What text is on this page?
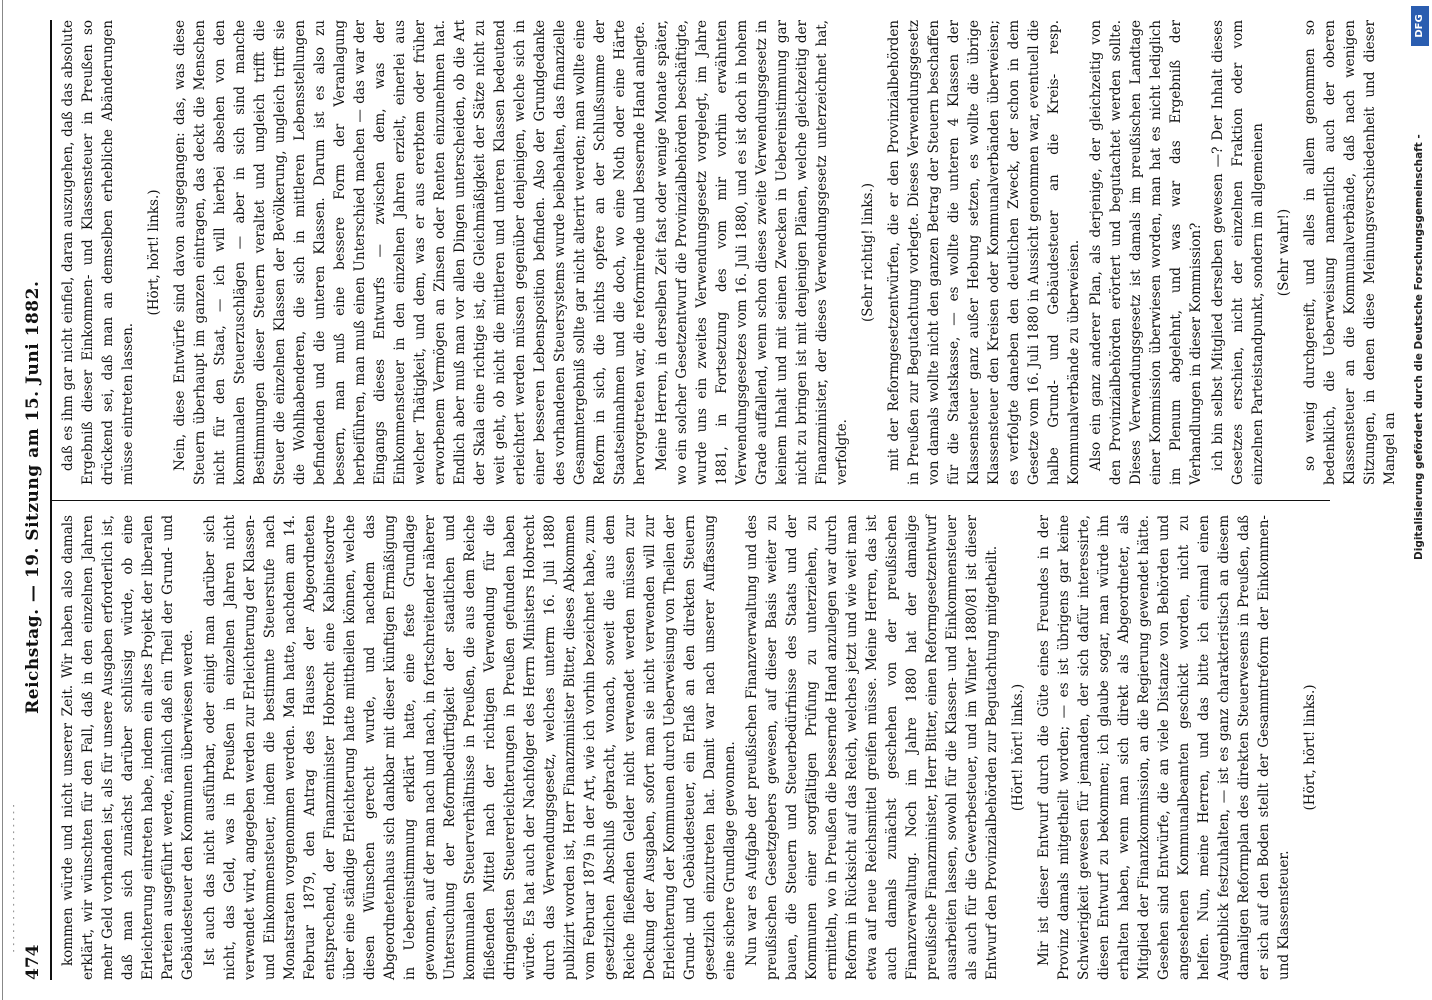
- - - - - - - - - - - - - - - - - - - - - - -
474
Reichstag. — 19. Sitzung am 15. Juni 1882.

kommen würde und nicht unserer Zeit. Wir haben also damals erklärt, wir wünschten für den Fall, daß in den einzelnen Jahren mehr Geld vorhanden ist, als für unsere Ausgaben erforderlich ist, daß man sich zunächst darüber schlüssig würde, ob eine Erleichterung eintreten habe, indem ein altes Projekt der liberalen Parteien ausgeführt werde, nämlich daß ein Theil der Grund- und Gebäudesteuer den Kommunen überwiesen werde. Ist auch das nicht ausführbar, oder einigt man darüber sich nicht, das Geld, was in Preußen in einzelnen Jahren nicht verwendet wird, angegeben werden zur Erleichterung der Klassen- und Einkommensteuer, indem die bestimmte Steuerstufe nach Monatsraten vorgenommen werden. Man hatte, nachdem am 14. Februar 1879, den Antrag des Hauses der Abgeordneten entsprechend, der Finanzminister Hobrecht eine Kabinetsordre über eine ständige Erleichterung hatte mittheilen können, welche diesen Wünschen gerecht wurde, und nachdem das Abgeordnetenhaus sich dankbar mit dieser künftigen Ermäßigung in Uebereinstimmung erklärt hatte, eine feste Grundlage gewonnen, auf der man nach und nach, in fortschreitender näherer Untersuchung der Reformbedürftigkeit der staatlichen und kommunalen Steuerverhältnisse in Preußen, die aus dem Reiche fließenden Mittel nach der richtigen Verwendung für die dringendsten Steuererleichterungen in Preußen gefunden haben würde. Es hat auch der Nachfolger des Herrn Ministers Hobrecht durch das Verwendungsgesetz, welches unterm 16. Juli 1880 publizirt worden ist, Herr Finanzminister Bitter, dieses Abkommen vom Februar 1879 in der Art, wie ich vorhin bezeichnet habe, zum gesetzlichen Abschluß gebracht, wonach, soweit die aus dem Reiche fließenden Gelder nicht verwendet werden müssen zur Deckung der Ausgaben, sofort man sie nicht verwenden will zur Erleichterung der Kommunen durch Ueberweisung von Theilen der Grund- und Gebäudesteuer, ein Erlaß an den direkten Steuern gesetzlich einzutreten hat. Damit war nach unserer Auffassung eine sichere Grundlage gewonnen. Nun war es Aufgabe der preußischen Finanzverwaltung und des preußischen Gesetzgebers gewesen, auf dieser Basis weiter zu bauen, die Steuern und Steuerbedürfnisse des Staats und der Kommunen einer sorgfältigen Prüfung zu unterziehen, zu ermitteln, wo in Preußen die bessernde Hand anzulegen war durch Reform in Rücksicht auf das Reich, welches jetzt und wie weit man etwa auf neue Reichsmittel greifen müsse. Meine Herren, das ist auch damals zunächst geschehen von der preußischen Finanzverwaltung. Noch im Jahre 1880 hat der damalige preußische Finanzminister, Herr Bitter, einen Reformgesetzentwurf ausarbeiten lassen, sowohl für die Klassen- und Einkommensteuer als auch für die Gewerbesteuer, und im Winter 1880/81 ist dieser Entwurf den Provinzialbehörden zur Begutachtung mitgetheilt. (Hört! hört! links.) Mir ist dieser Entwurf durch die Güte eines Freundes in der Provinz damals mitgetheilt worden; — es ist übrigens gar keine Schwierigkeit gewesen für jemanden, der sich dafür interessirte, diesen Entwurf zu bekommen; ich glaube sogar, man würde ihn erhalten haben, wenn man sich direkt als Abgeordneter, als Mitglied der Finanzkommission, an die Regierung gewendet hätte. Gesehen sind Entwürfe, die an viele Distanze von Behörden und angesehenen Kommunalbeamten geschickt worden, nicht zu helfen. Nun, meine Herren, und das bitte ich einmal einen Augenblick festzuhalten, — ist es ganz charakteristisch an diesem damaligen Reformplan des direkten Steuerwesens in Preußen, daß er sich auf den Boden stellt der Gesammtreform der Einkommen- und Klassensteuer.

(Hört, hört! links.)

daß es ihm gar nicht einfiel, daran auszugehen, daß das absolute Ergebniß dieser Einkommen- und Klassensteuer in Preußen so drückend sei, daß man an demselben erhebliche Abänderungen müsse eintreten lassen.

(Hört, hört! links.) Nein, diese Entwürfe sind davon ausgegangen: das, was diese Steuern überhaupt im ganzen eintragen, das deckt die Menschen nicht für den Staat, — ich will hierbei absehen von den kommunalen Steuerzuschlägen — aber in sich sind manche Bestimmungen dieser Steuern veraltet und ungleich trifft die Steuer die einzelnen Klassen der Bevölkerung, ungleich trifft sie die Wohlhabenderen, die sich in mittleren Lebensstellungen befindenden und die unteren Klassen. Darum ist es also zu bessern, man muß eine bessere Form der Veranlagung herbeiführen, man muß einen Unterschied machen — das war der Eingangs dieses Entwurfs — zwischen dem, was der Einkommensteuer in den einzelnen Jahren erzielt, einerlei aus welcher Thätigkeit, und dem, was er aus ererbtem oder früher erworbenem Vermögen an Zinsen oder Renten einzunehmen hat. Endlich aber muß man vor allen Dingen unterscheiden, ob die Art der Skala eine richtige ist, die Gleichmäßigkeit der Sätze nicht zu weit geht, ob nicht die mittleren und unteren Klassen bedeutend erleichtert werden müssen gegenüber denjenigen, welche sich in einer besseren Lebensposition befinden. Also der Grundgedanke des vorhandenen Steuersystems wurde beibehalten, das finanzielle Gesammtergebniß sollte gar nicht alterirt werden; man wollte eine Reform in sich, die nichts opfere an der Schlußsumme der Staatseinnahmen und die doch, wo eine Noth oder eine Härte hervorgetreten war, die reformirende und bessernde Hand anlegte. Meine Herren, in derselben Zeit fast oder wenige Monate später, wo ein solcher Gesetzentwurf die Provinzialbehörden beschäftigte, wurde uns ein zweites Verwendungsgesetz vorgelegt, im Jahre 1881, in Fortsetzung des vom mir vorhin erwähnten Verwendungsgesetzes vom 16. Juli 1880, und es ist doch in hohem Grade auffallend, wenn schon dieses zweite Verwendungsgesetz in keinem Inhalt und mit seinen Zwecken in Uebereinstimmung gar nicht zu bringen ist mit denjenigen Plänen, welche gleichzeitig der Finanzminister, der dieses Verwendungsgesetz unterzeichnet hat, verfolgte.

(Sehr richtig! links.) mit der Reformgesetzentwürfen, die er den Provinzialbehörden in Preußen zur Begutachtung vorlegte. Dieses Verwendungsgesetz von damals wollte nicht den ganzen Betrag der Steuern beschaffen für die Staatskasse, — es wollte die unteren 4 Klassen der Klassensteuer ganz außer Hebung setzen, es wollte die übrige Klassensteuer den Kreisen oder Kommunalverbänden überweisen; es verfolgte daneben den deutlichen Zweck, der schon in dem Gesetze vom 16. Juli 1880 in Aussicht genommen war, eventuell die halbe Grund- und Gebäudesteuer an die Kreis- resp. Kommunalverbände zu überweisen. Also ein ganz anderer Plan, als derjenige, der gleichzeitig von den Provinzialbehörden erörtert und begutachtet werden sollte. Dieses Verwendungsgesetz ist damals im preußischen Landtage einer Kommission überwiesen worden, man hat es nicht lediglich im Plenum abgelehnt, und was war das Ergebniß der Verhandlungen in dieser Kommission? ich bin selbst Mitglied derselben gewesen —? Der Inhalt dieses Gesetzes erschien, nicht der einzelnen Fraktion oder vom einzelnen Parteistandpunkt, sondern im allgemeinen (Sehr wahr!) so wenig durchgereift, und alles in allem genommen so bedenklich, die Ueberweisung namentlich auch der oberen Klassensteuer an die Kommunalverbände, daß nach wenigen Sitzungen, in denen diese Meinungsverschiedenheit und dieser Mangel an	Digitalisierung gefördert durch die Deutsche Forschungsgemeinschaft -
DFG
